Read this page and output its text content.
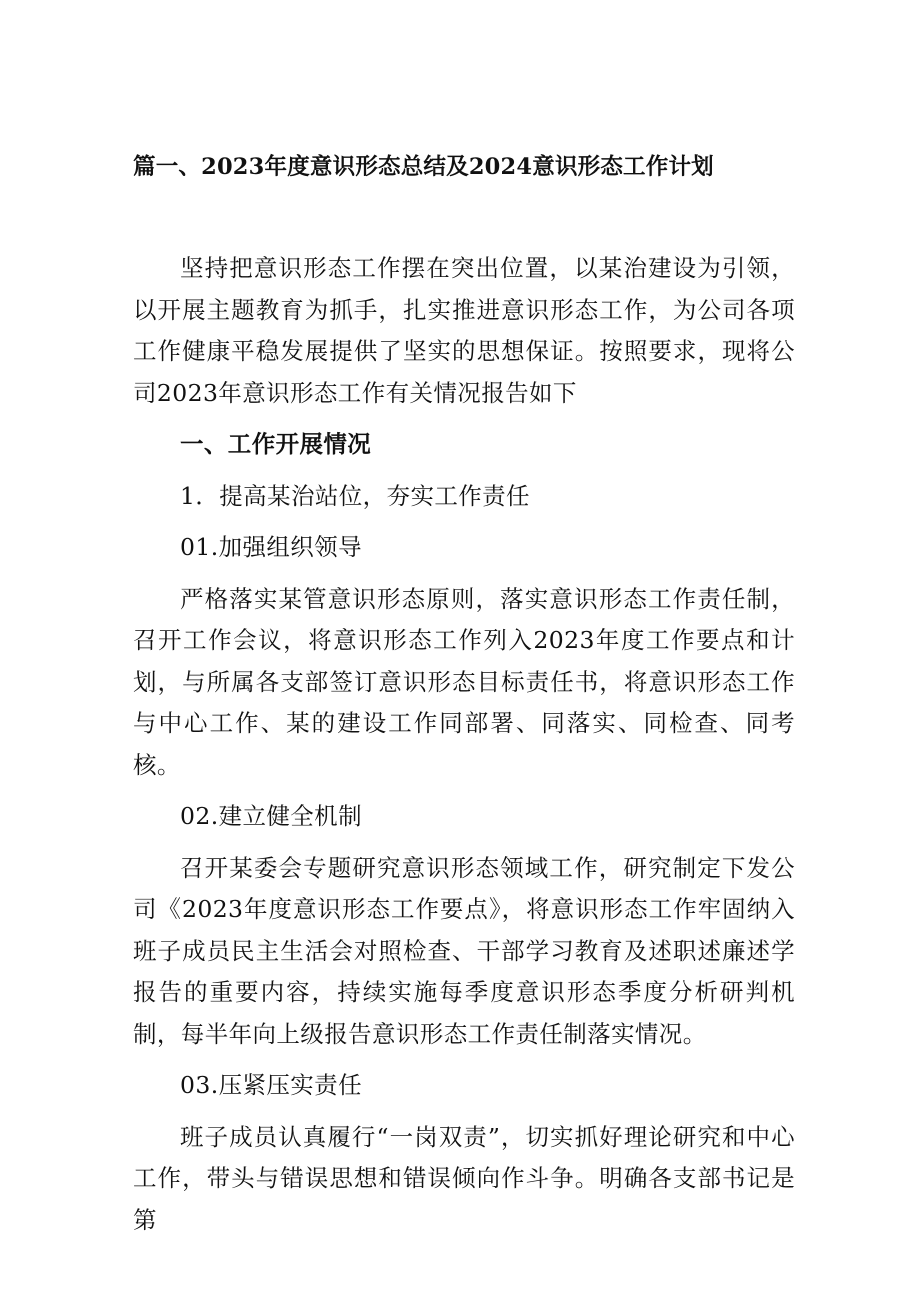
篇一、2023年度意识形态总结及2024意识形态工作计划

坚持把意识形态工作摆在突出位置，以某治建设为引领，以开展主题教育为抓手，扎实推进意识形态工作，为公司各项工作健康平稳发展提供了坚实的思想保证。按照要求，现将公司2023年意识形态工作有关情况报告如下

一、工作开展情况

1．提高某治站位，夯实工作责任

01.加强组织领导

严格落实某管意识形态原则，落实意识形态工作责任制，召开工作会议，将意识形态工作列入2023年度工作要点和计划，与所属各支部签订意识形态目标责任书，将意识形态工作与中心工作、某的建设工作同部署、同落实、同检查、同考核。

02.建立健全机制

召开某委会专题研究意识形态领域工作，研究制定下发公司《2023年度意识形态工作要点》，将意识形态工作牢固纳入班子成员民主生活会对照检查、干部学习教育及述职述廉述学报告的重要内容，持续实施每季度意识形态季度分析研判机制，每半年向上级报告意识形态工作责任制落实情况。

03.压紧压实责任

班子成员认真履行“一岗双责”，切实抓好理论研究和中心工作，带头与错误思想和错误倾向作斗争。明确各支部书记是第
